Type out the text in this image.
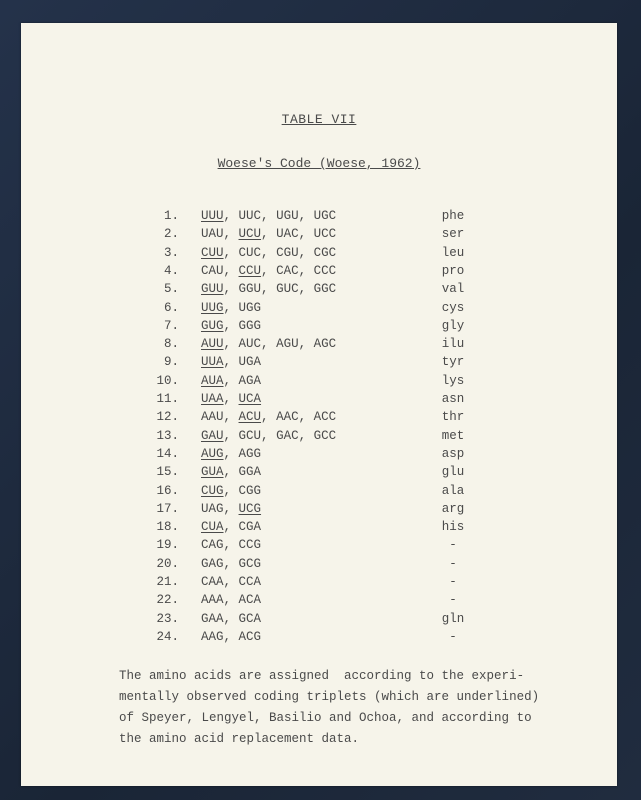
TABLE VII
Woese's Code (Woese, 1962)
1. UUU, UUC, UGU, UGC	phe
2. UAU, UCU, UAC, UCC	ser
3. CUU, CUC, CGU, CGC	leu
4. CAU, CCU, CAC, CCC	pro
5. GUU, GGU, GUC, GGC	val
6. UUG, UGG	cys
7. GUG, GGG	gly
8. AUU, AUC, AGU, AGC	ilu
9. UUA, UGA	tyr
10. AUA, AGA	lys
11. UAA, UCA	asn
12. AAU, ACU, AAC, ACC	thr
13. GAU, GCU, GAC, GCC	met
14. AUG, AGG	asp
15. GUA, GGA	glu
16. CUG, CGG	ala
17. UAG, UCG	arg
18. CUA, CGA	his
19. CAG, CCG	-
20. GAG, GCG	-
21. CAA, CCA	-
22. AAA, ACA	-
23. GAA, GCA	gln
24. AAG, ACG	-
The amino acids are assigned  according to the experi-
mentally observed coding triplets (which are underlined)
of Speyer, Lengyel, Basilio and Ochoa, and according to
the amino acid replacement data.
